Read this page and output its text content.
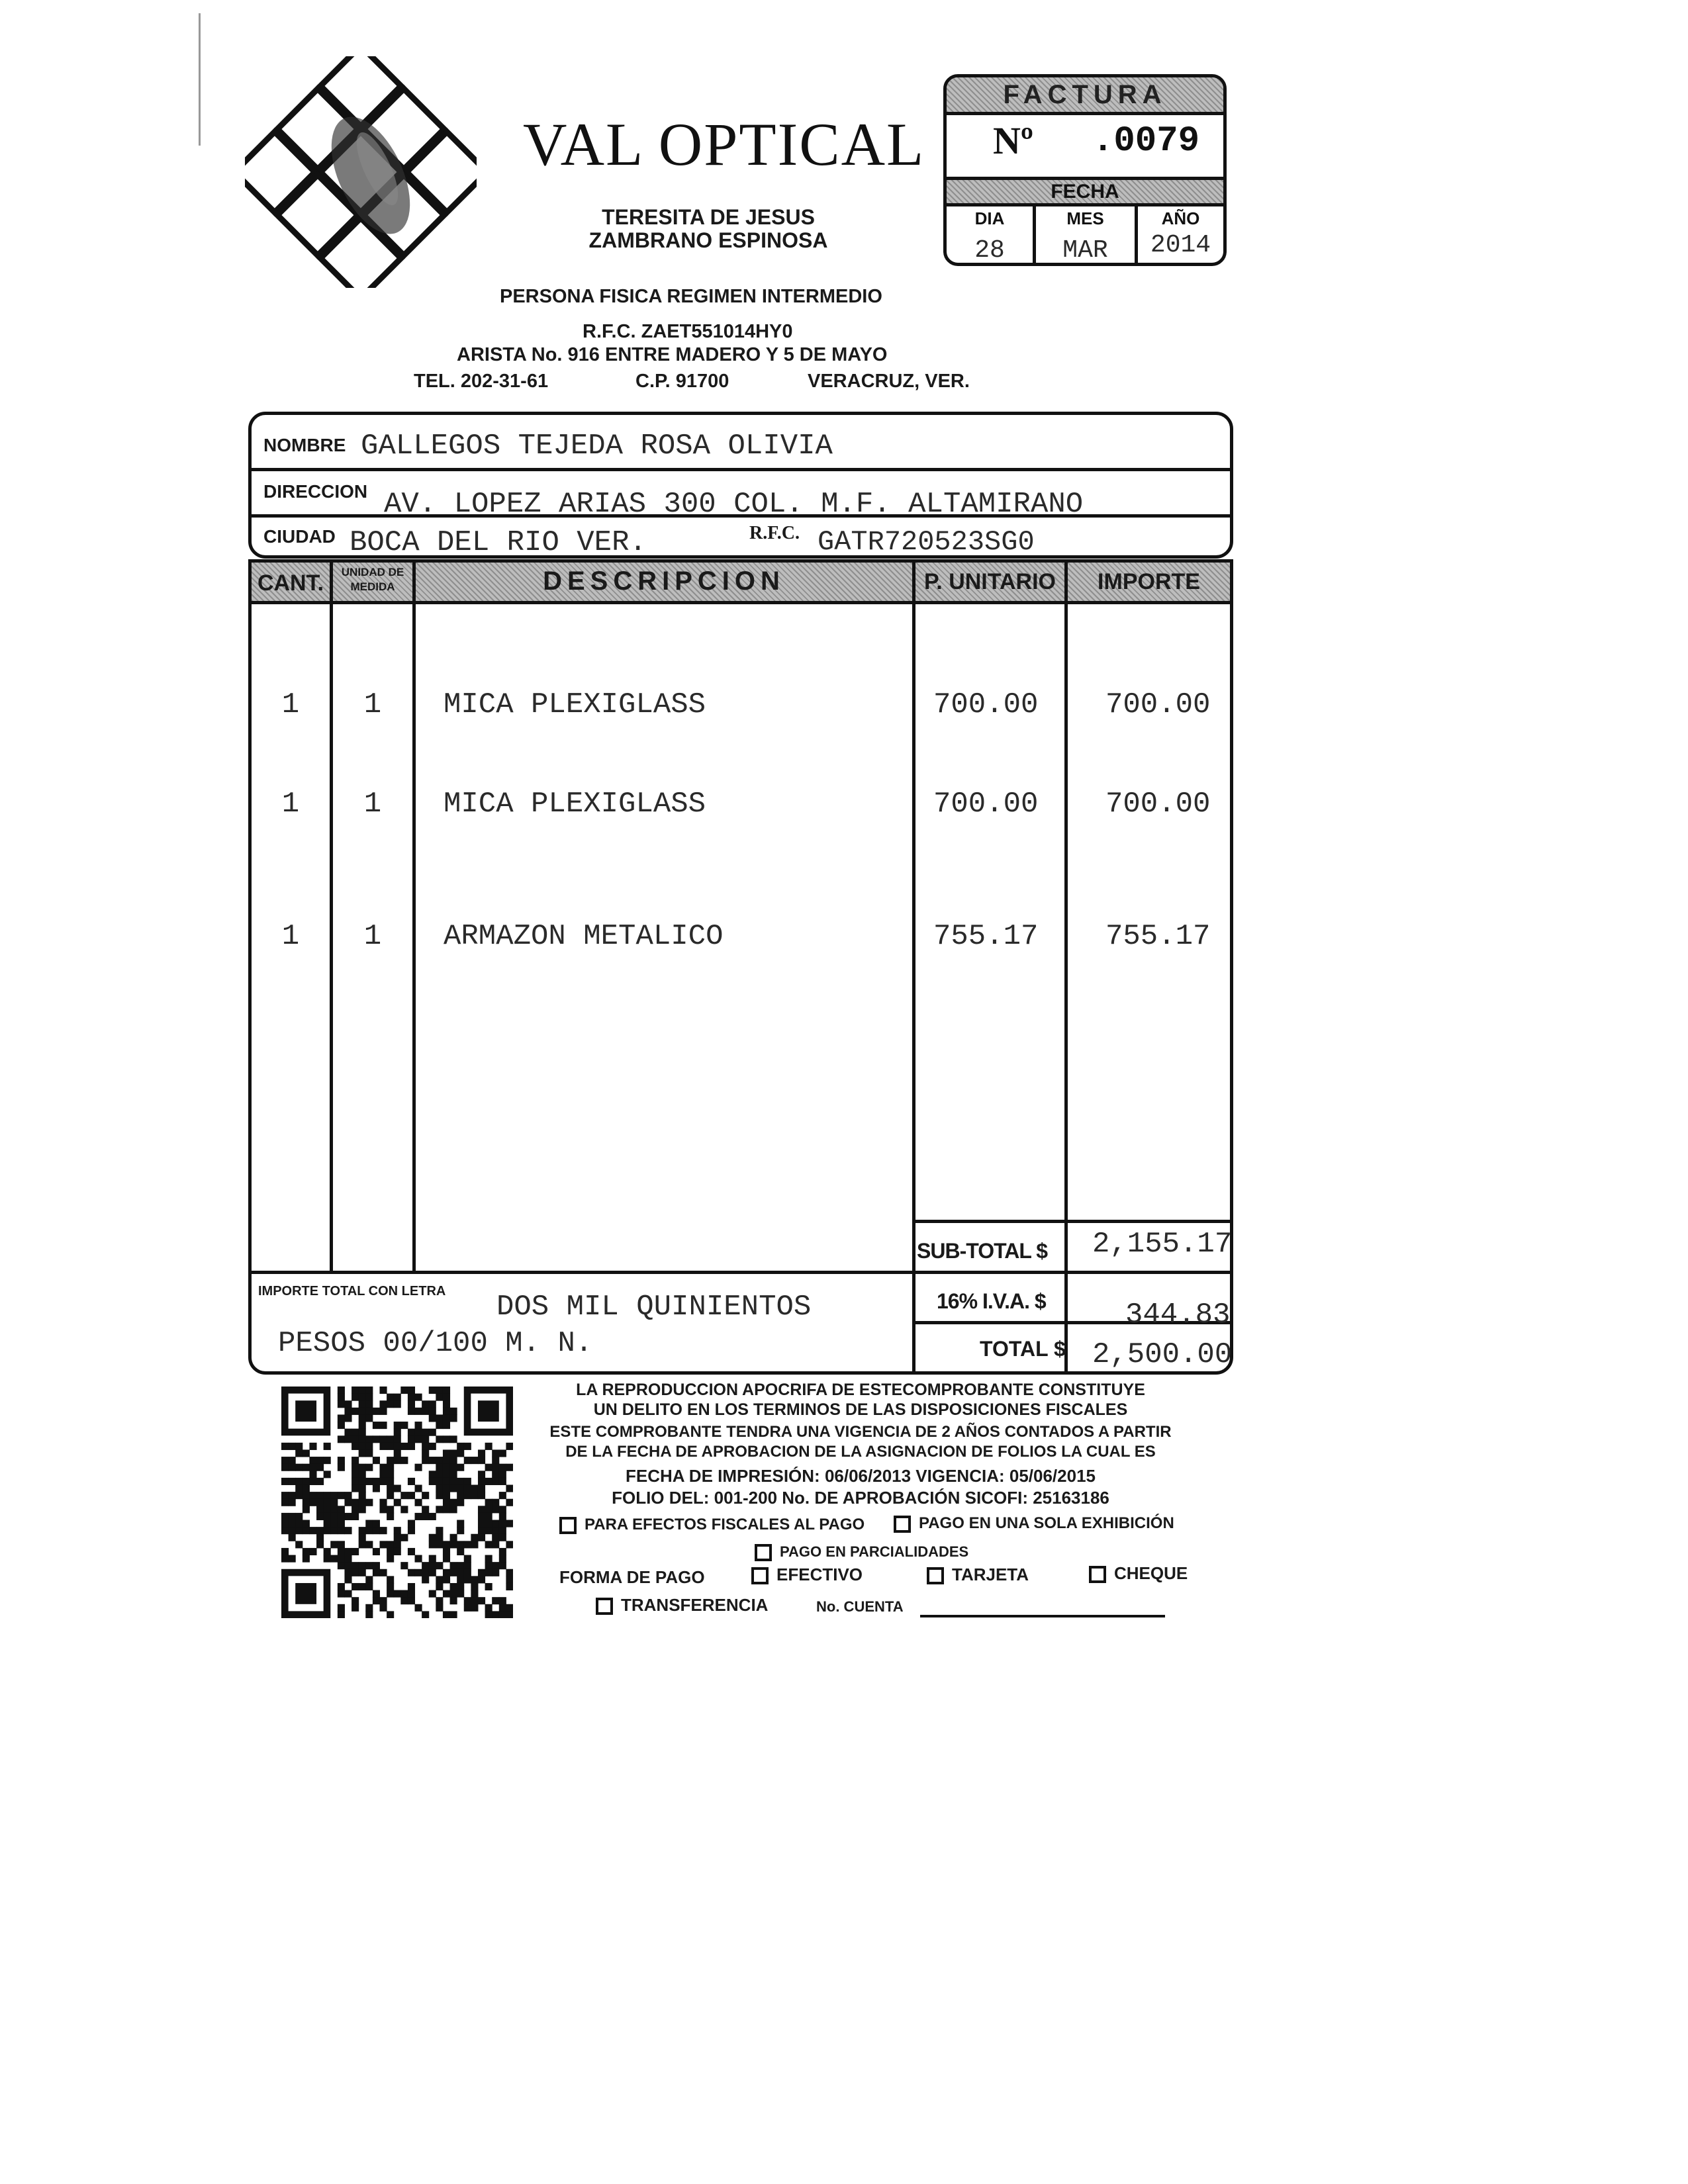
VAL OPTICAL
TERESITA DE JESUS
ZAMBRANO ESPINOSA
PERSONA FISICA REGIMEN INTERMEDIO
R.F.C. ZAET551014HY0
ARISTA No. 916 ENTRE MADERO Y 5 DE MAYO
TEL. 202-31-61	C.P. 91700	VERACRUZ, VER.
FACTURA
Nº .0079
FECHA
DIA	MES	AÑO
28	MAR	2014
NOMBRE GALLEGOS TEJEDA ROSA OLIVIA
DIRECCION AV. LOPEZ ARIAS 300 COL. M.F. ALTAMIRANO
CIUDAD BOCA DEL RIO VER.	R.F.C. GATR720523SG0
CANT.	UNIDAD DE MEDIDA	DESCRIPCION	P. UNITARIO	IMPORTE
1	1	MICA PLEXIGLASS	700.00 700.00
1	1	MICA PLEXIGLASS	700.00 700.00
1	1	ARMAZON METALICO	755.17 755.17
SUB-TOTAL $ 2,155.17
16% I.V.A. $	344.83
TOTAL $ 2,500.00
IMPORTE TOTAL CON LETRA DOS MIL QUINIENTOS
PESOS 00/100 M. N.
LA REPRODUCCION APOCRIFA DE ESTECOMPROBANTE CONSTITUYE
UN DELITO EN LOS TERMINOS DE LAS DISPOSICIONES FISCALES
ESTE COMPROBANTE TENDRA UNA VIGENCIA DE 2 AÑOS CONTADOS A PARTIR
DE LA FECHA DE APROBACION DE LA ASIGNACION DE FOLIOS LA CUAL ES
FECHA DE IMPRESIÓN: 06/06/2013 VIGENCIA: 05/06/2015
FOLIO DEL: 001-200 No. DE APROBACIÓN SICOFI: 25163186
PARA EFECTOS FISCALES AL PAGO	PAGO EN UNA SOLA EXHIBICIÓN
PAGO EN PARCIALIDADES
FORMA DE PAGO	EFECTIVO	TARJETA	CHEQUE
TRANSFERENCIA	No. CUENTA
